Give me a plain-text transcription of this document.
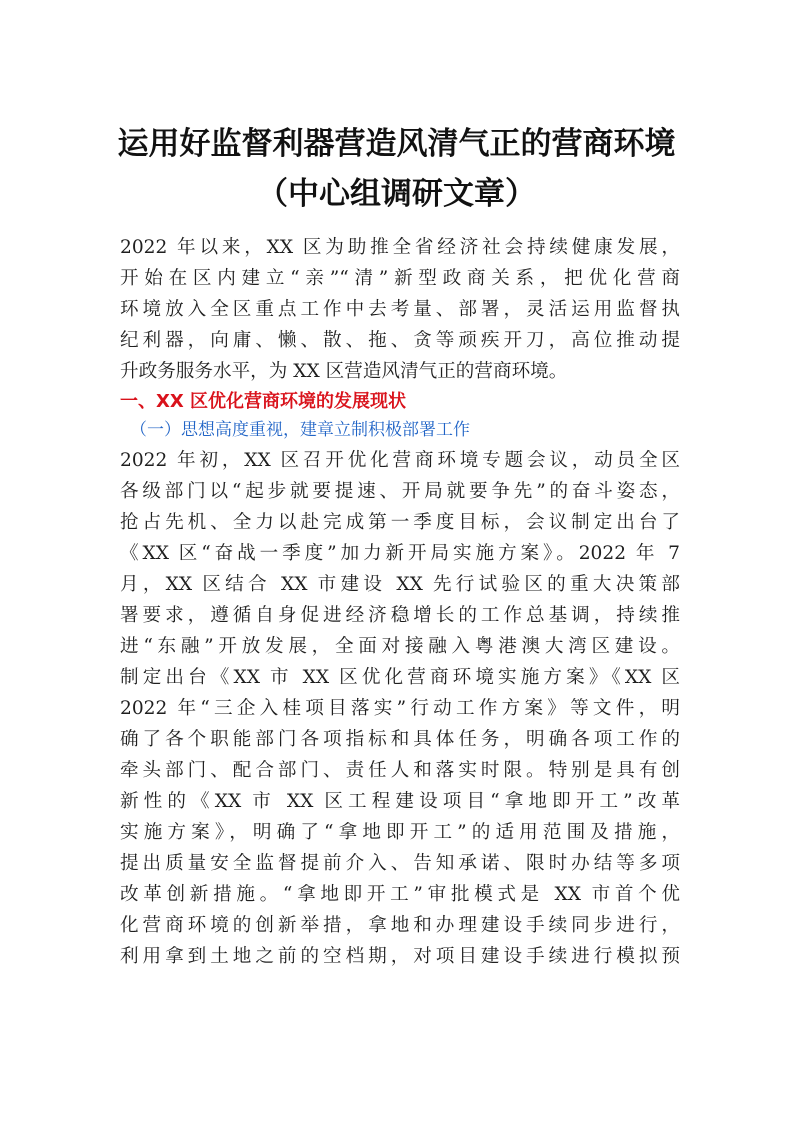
运用好监督利器营造风清气正的营商环境
（中心组调研文章）
2022 年以来，XX 区为助推全省经济社会持续健康发展，
开始在区内建立“亲”“清”新型政商关系，把优化营商
环境放入全区重点工作中去考量、部署，灵活运用监督执
纪利器，向庸、懒、散、拖、贪等顽疾开刀，高位推动提
升政务服务水平，为 XX 区营造风清气正的营商环境。
一、XX 区优化营商环境的发展现状
（一）思想高度重视，建章立制积极部署工作
2022 年初，XX 区召开优化营商环境专题会议，动员全区
各级部门以“起步就要提速、开局就要争先”的奋斗姿态，
抢占先机、全力以赴完成第一季度目标，会议制定出台了
《XX 区“奋战一季度”加力新开局实施方案》。2022 年 7
月，XX 区结合 XX 市建设 XX 先行试验区的重大决策部
署要求，遵循自身促进经济稳增长的工作总基调，持续推
进“东融”开放发展，全面对接融入粤港澳大湾区建设。
制定出台《XX 市 XX 区优化营商环境实施方案》《XX 区
2022 年“三企入桂项目落实”行动工作方案》等文件，明
确了各个职能部门各项指标和具体任务，明确各项工作的
牵头部门、配合部门、责任人和落实时限。特别是具有创
新性的《XX 市 XX 区工程建设项目“拿地即开工”改革
实施方案》，明确了“拿地即开工”的适用范围及措施，
提出质量安全监督提前介入、告知承诺、限时办结等多项
改革创新措施。“拿地即开工”审批模式是 XX 市首个优
化营商环境的创新举措，拿地和办理建设手续同步进行，
利用拿到土地之前的空档期，对项目建设手续进行模拟预
